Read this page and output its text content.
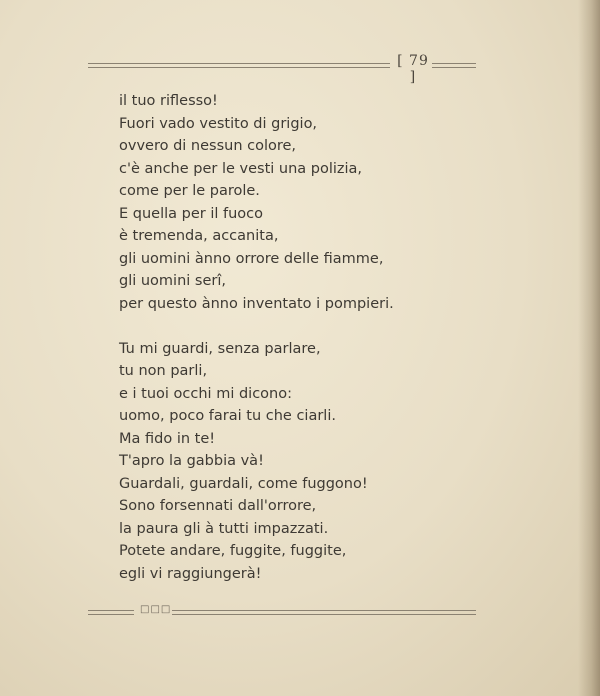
[ 79 ]
il tuo riflesso!
Fuori vado vestito di grigio,
ovvero di nessun colore,
c'è anche per le vesti una polizia,
come per le parole.
E quella per il fuoco
è tremenda, accanita,
gli uomini ànno orrore delle fiamme,
gli uomini serî,
per questo ànno inventato i pompieri.
Tu mi guardi, senza parlare,
tu non parli,
e i tuoi occhi mi dicono:
uomo, poco farai tu che ciarli.
Ma fido in te!
T'apro la gabbia và!
Guardali, guardali, come fuggono!
Sono forsennati dall'orrore,
la paura gli à tutti impazzati.
Potete andare, fuggite, fuggite,
egli vi raggiungerà!
□□□
